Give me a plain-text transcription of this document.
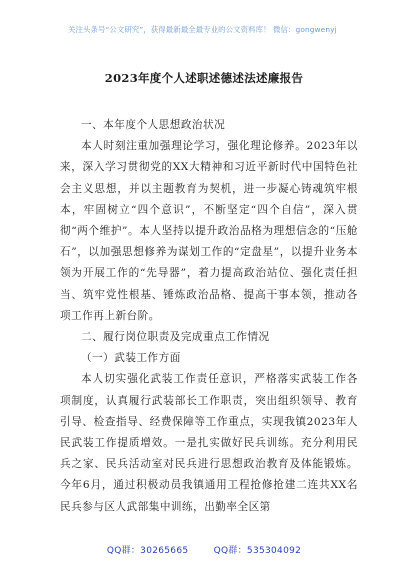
关注头条号“公文研究”，获得最新最全最专业的公文资料库！ 微信：gongwenyj
2023年度个人述职述德述法述廉报告

一、本年度个人思想政治状况

本人时刻注重加强理论学习，强化理论修养。2023年以来，深入学习贯彻党的XX大精神和习近平新时代中国特色社会主义思想，并以主题教育为契机，进一步凝心铸魂筑牢根本，牢固树立“四个意识”，不断坚定“四个自信”，深入贯彻“两个维护”。本人坚持以提升政治品格为理想信念的“压舱石”，以加强思想修养为谋划工作的“定盘星”，以提升业务本领为开展工作的“先导器”，着力提高政治站位、强化责任担当、筑牢党性根基、锤炼政治品格、提高干事本领，推动各项工作再上新台阶。

二、履行岗位职责及完成重点工作情况

（一）武装工作方面

本人切实强化武装工作责任意识，严格落实武装工作各项制度，认真履行武装部长工作职责，突出组织领导、教育引导、检查指导、经费保障等工作重点，实现我镇2023年人民武装工作提质增效。一是扎实做好民兵训练。充分利用民兵之家、民兵活动室对民兵进行思想政治教育及体能锻炼。今年6月，通过积极动员我镇通用工程抢修抢建二连共XX名民兵参与区人武部集中训练，出勤率全区第

QQ群：30265665	QQ群：535304092
